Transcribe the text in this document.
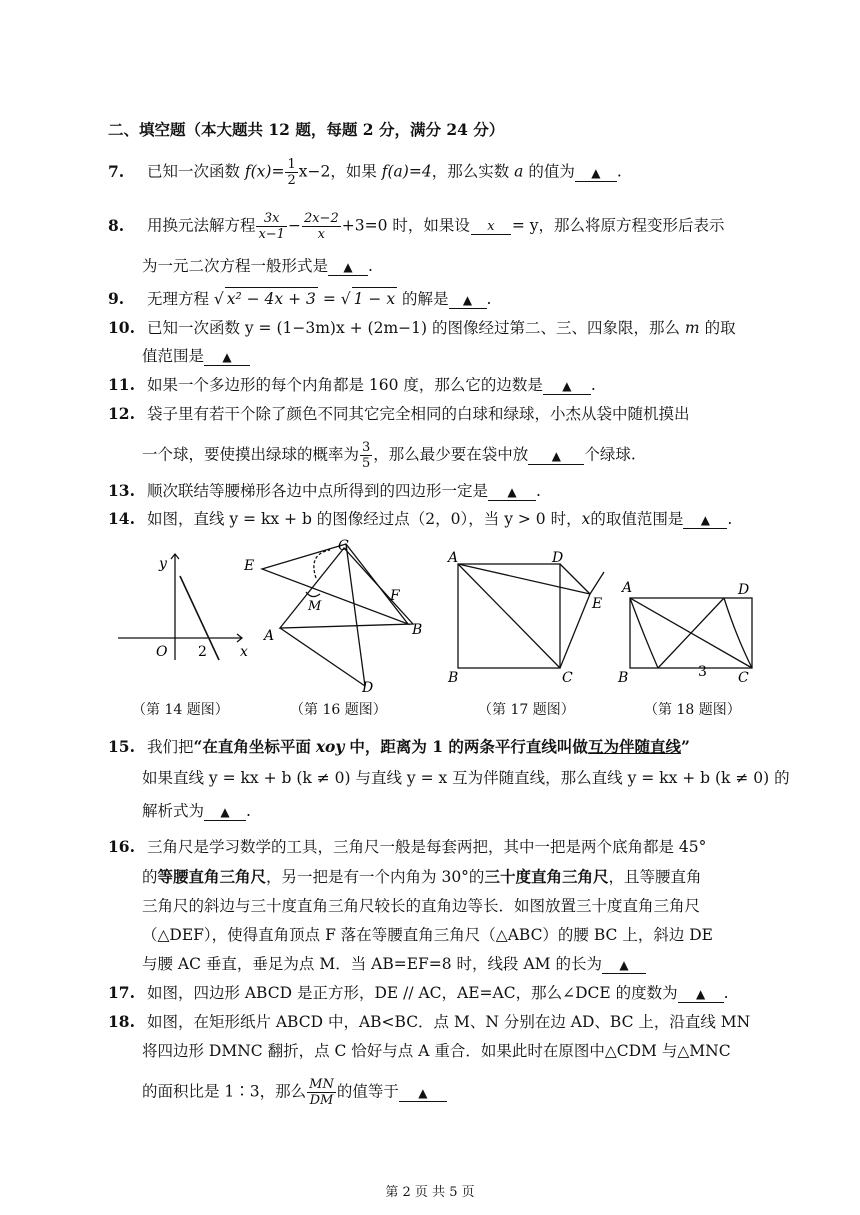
二、填空题（本大题共 12 题，每题 2 分，满分 24 分）
7. 已知一次函数 $f(x)= \frac{1}{2} x-2$，如果 f(a)=4，那么实数 a 的值为 ▲ .
8. 用换元法解方程 $\frac{3x}{x-1} - \frac{2x-2}{x} +3=0$ 时，如果设	x	= y，那么将原方程变形后表示
为一元二次方程一般形式是 ▲ .
9. 无理方程 √ x² − 4x + 3 = √ 1 − x 的解是 ▲ .
10. 已知一次函数 y = (1−3m)x + (2m−1) 的图像经过第二、三、四象限，那么 m 的取
值范围是 ▲
11. 如果一个多边形的每个内角都是 160 度，那么它的边数是 ▲ .
12. 袋子里有若干个除了颜色不同其它完全相同的白球和绿球，小杰从袋中随机摸出
一个球，要使摸出绿球的概率为 $\frac{3}{5}$ ，那么最少要在袋中放 ▲ 个绿球.
13. 顺次联结等腰梯形各边中点所得到的四边形一定是 ▲ .
14. 如图，直线 y = kx + b 的图像经过点（2，0），当 y > 0 时，x的取值范围是 ▲ .
y
x
O 2
C
E
F
M
A	B
D
A	D
E
B	C
A	D
B	C
3
（第 14 题图）	（第 16 题图）	（第 17 题图）	（第 18 题图）
15. 我们把“在直角坐标平面 xoy 中，距离为 1 的两条平行直线叫做互为伴随直线”
如果直线 y = kx + b (k ≠ 0) 与直线 y = x 互为伴随直线，那么直线 y = kx + b (k ≠ 0) 的
解析式为 ▲ .
16. 三角尺是学习数学的工具，三角尺一般是每套两把，其中一把是两个底角都是 45°
的等腰直角三角尺，另一把是有一个内角为 30°的三十度直角三角尺，且等腰直角
三角尺的斜边与三十度直角三角尺较长的直角边等长．如图放置三十度直角三角尺
（△DEF），使得直角顶点 F 落在等腰直角三角尺（△ABC）的腰 BC 上，斜边 DE
与腰 AC 垂直，垂足为点 M．当 AB=EF=8 时，线段 AM 的长为 ▲
17. 如图，四边形 ABCD 是正方形，DE // AC，AE=AC，那么∠DCE 的度数为 ▲ .
18. 如图，在矩形纸片 ABCD 中，AB<BC．点 M、N 分别在边 AD、BC 上，沿直线 MN
将四边形 DMNC 翻折，点 C 恰好与点 A 重合．如果此时在原图中△CDM 与△MNC
的面积比是 1∶3，那么 $\frac{MN}{DM}$ 的值等于 ▲
第 2 页 共 5 页
